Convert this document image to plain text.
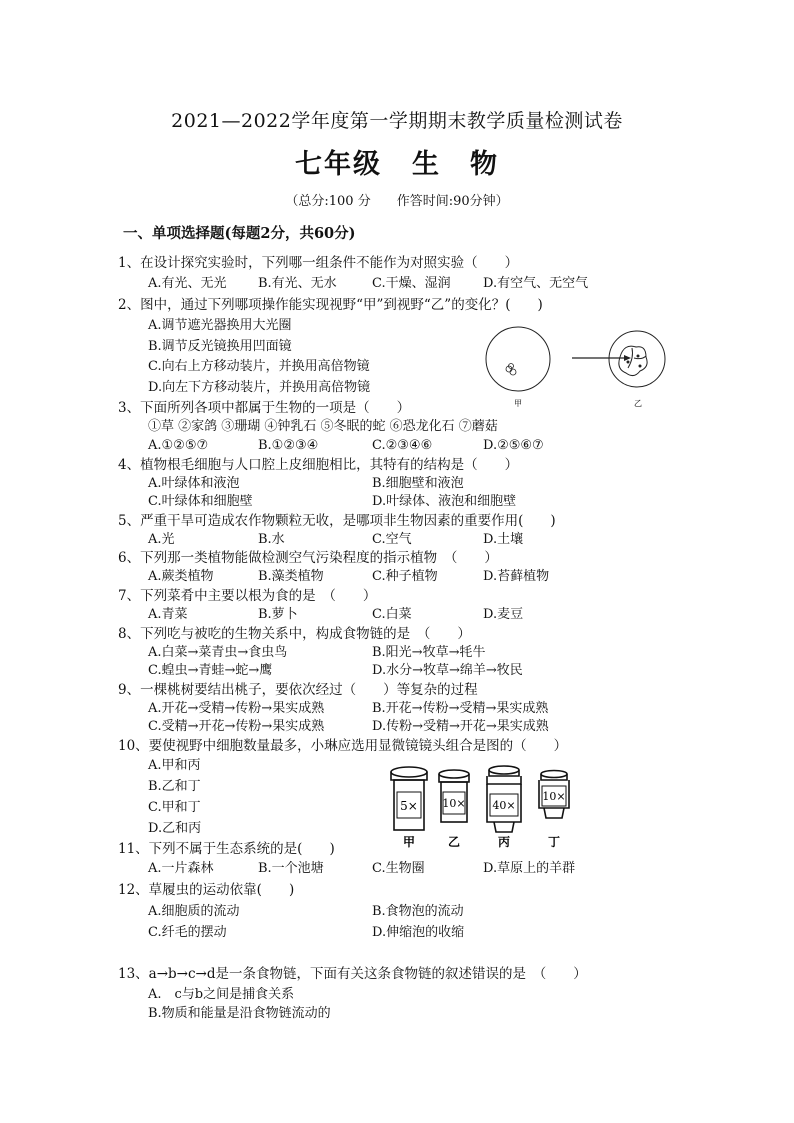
2021—2022学年度第一学期期末教学质量检测试卷
七年级 生　物
（总分:100 分　　作答时间:90分钟）
一、单项选择题(每题2分，共60分)
1、在设计探究实验时，下列哪一组条件不能作为对照实验（　　）
A.有光、无光 B.有光、无水	C.干燥、湿润 D.有空气、无空气
2、图中，通过下列哪项操作能实现视野“甲”到视野“乙”的变化？(　　)
A.调节遮光器换用大光圈
B.调节反光镜换用凹面镜
C.向右上方移动装片，并换用高倍物镜
D.向左下方移动装片，并换用高倍物镜
甲	乙
3、下面所列各项中都属于生物的一项是（　　）
①草 ②家鸽 ③珊瑚 ④钟乳石 ⑤冬眠的蛇 ⑥恐龙化石 ⑦蘑菇
A.①②⑤⑦	B.①②③④	C.②③④⑥	D.②⑤⑥⑦
4、植物根毛细胞与人口腔上皮细胞相比，其特有的结构是（　　）
A.叶绿体和液泡	B.细胞壁和液泡
C.叶绿体和细胞壁	D.叶绿体、液泡和细胞壁
5、严重干旱可造成农作物颗粒无收，是哪项非生物因素的重要作用(　　)
A.光	B.水	C.空气	D.土壤
6、下列那一类植物能做检测空气污染程度的指示植物　（　　）
A.蕨类植物	B.藻类植物	C.种子植物	D.苔藓植物
7、下列菜肴中主要以根为食的是　（　　）
A.青菜	B.萝卜	C.白菜	D.麦豆
8、下列吃与被吃的生物关系中，构成食物链的是　（　　）
A.白菜→菜青虫→食虫鸟	B.阳光→牧草→牦牛
C.蝗虫→青蛙→蛇→鹰	D.水分→牧草→绵羊→牧民
9、一棵桃树要结出桃子，要依次经过（　　）等复杂的过程
A.开花→受精→传粉→果实成熟	B.开花→传粉→受精→果实成熟
C.受精→开花→传粉→果实成熟	D.传粉→受精→开花→果实成熟
10、要使视野中细胞数量最多，小琳应选用显微镜镜头组合是图的（　　）
A.甲和丙
B.乙和丁
C.甲和丁
D.乙和丙
5× 10× 40×
10×
甲	乙	丙	丁
11、下列不属于生态系统的是(　　)
A.一片森林	B.一个池塘	C.生物圈	D.草原上的羊群
12、草履虫的运动依靠(　　)
A.细胞质的流动	B.食物泡的流动
C.纤毛的摆动	D.伸缩泡的收缩
13、a→b→c→d是一条食物链，下面有关这条食物链的叙述错误的是　（　　）
A.　c与b之间是捕食关系
B.物质和能量是沿食物链流动的
